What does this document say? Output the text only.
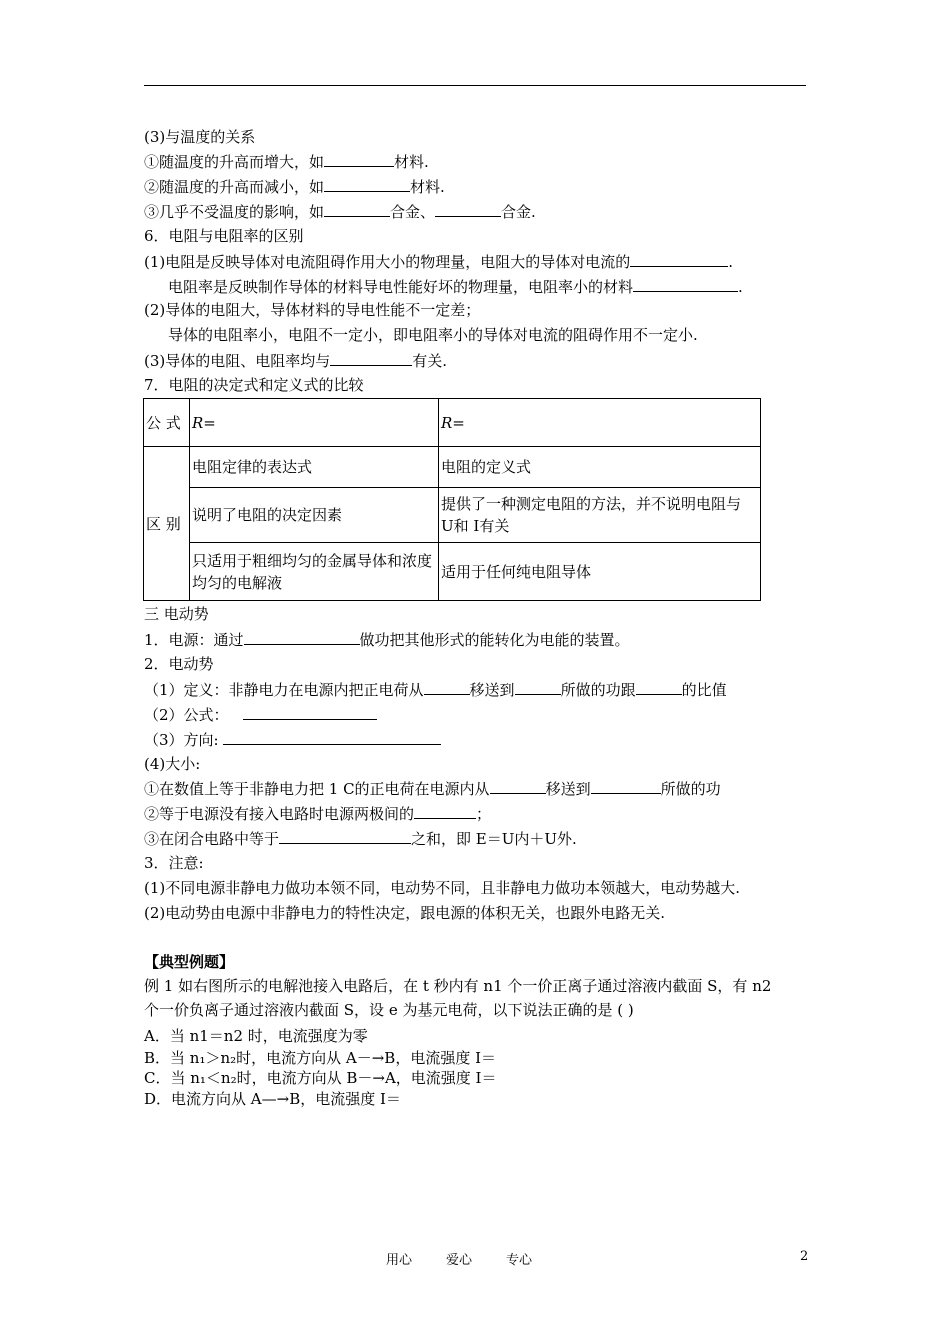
(3)与温度的关系
①随温度的升高而增大，如	材料.
②随温度的升高而减小，如	材料.
③几乎不受温度的影响，如	合金、	合金.
6．电阻与电阻率的区别
(1)电阻是反映导体对电流阻碍作用大小的物理量，电阻大的导体对电流的	.
电阻率是反映制作导体的材料导电性能好坏的物理量，电阻率小的材料	.
(2)导体的电阻大，导体材料的导电性能不一定差；
导体的电阻率小，电阻不一定小，即电阻率小的导体对电流的阻碍作用不一定小.
(3)导体的电阻、电阻率均与	有关.
7．电阻的决定式和定义式的比较
公 式	R=	R=
区 别	电阻定律的表达式	电阻的定义式
	说明了电阻的决定因素	提供了一种测定电阻的方法，并不说明电阻与 U和 I有关
	只适用于粗细均匀的金属导体和浓度均匀的电解液	适用于任何纯电阻导体
三 电动势
1．电源：通过	做功把其他形式的能转化为电能的装置。
2．电动势
（1）定义：非静电力在电源内把正电荷从	移送到	所做的功跟	的比值
（2）公式：
（3）方向:
(4)大小:
①在数值上等于非静电力把 1 C的正电荷在电源内从	移送到	所做的功
②等于电源没有接入电路时电源两极间的	；
③在闭合电路中等于	之和，即 E＝U内＋U外.
3．注意:
(1)不同电源非静电力做功本领不同，电动势不同，且非静电力做功本领越大，电动势越大.
(2)电动势由电源中非静电力的特性决定，跟电源的体积无关，也跟外电路无关.
【典型例题】
例 1 如右图所示的电解池接入电路后，在 t 秒内有 n1 个一价正离子通过溶液内截面 S，有 n2
个一价负离子通过溶液内截面 S，设 e 为基元电荷，以下说法正确的是 ( )
A．当 n1＝n2 时，电流强度为零
B．当 n₁＞n₂时，电流方向从 A－→B，电流强度 I＝
C．当 n₁＜n₂时，电流方向从 B－→A，电流强度 I＝
D．电流方向从 A—→B，电流强度 I＝
用心	爱心	专心	2
